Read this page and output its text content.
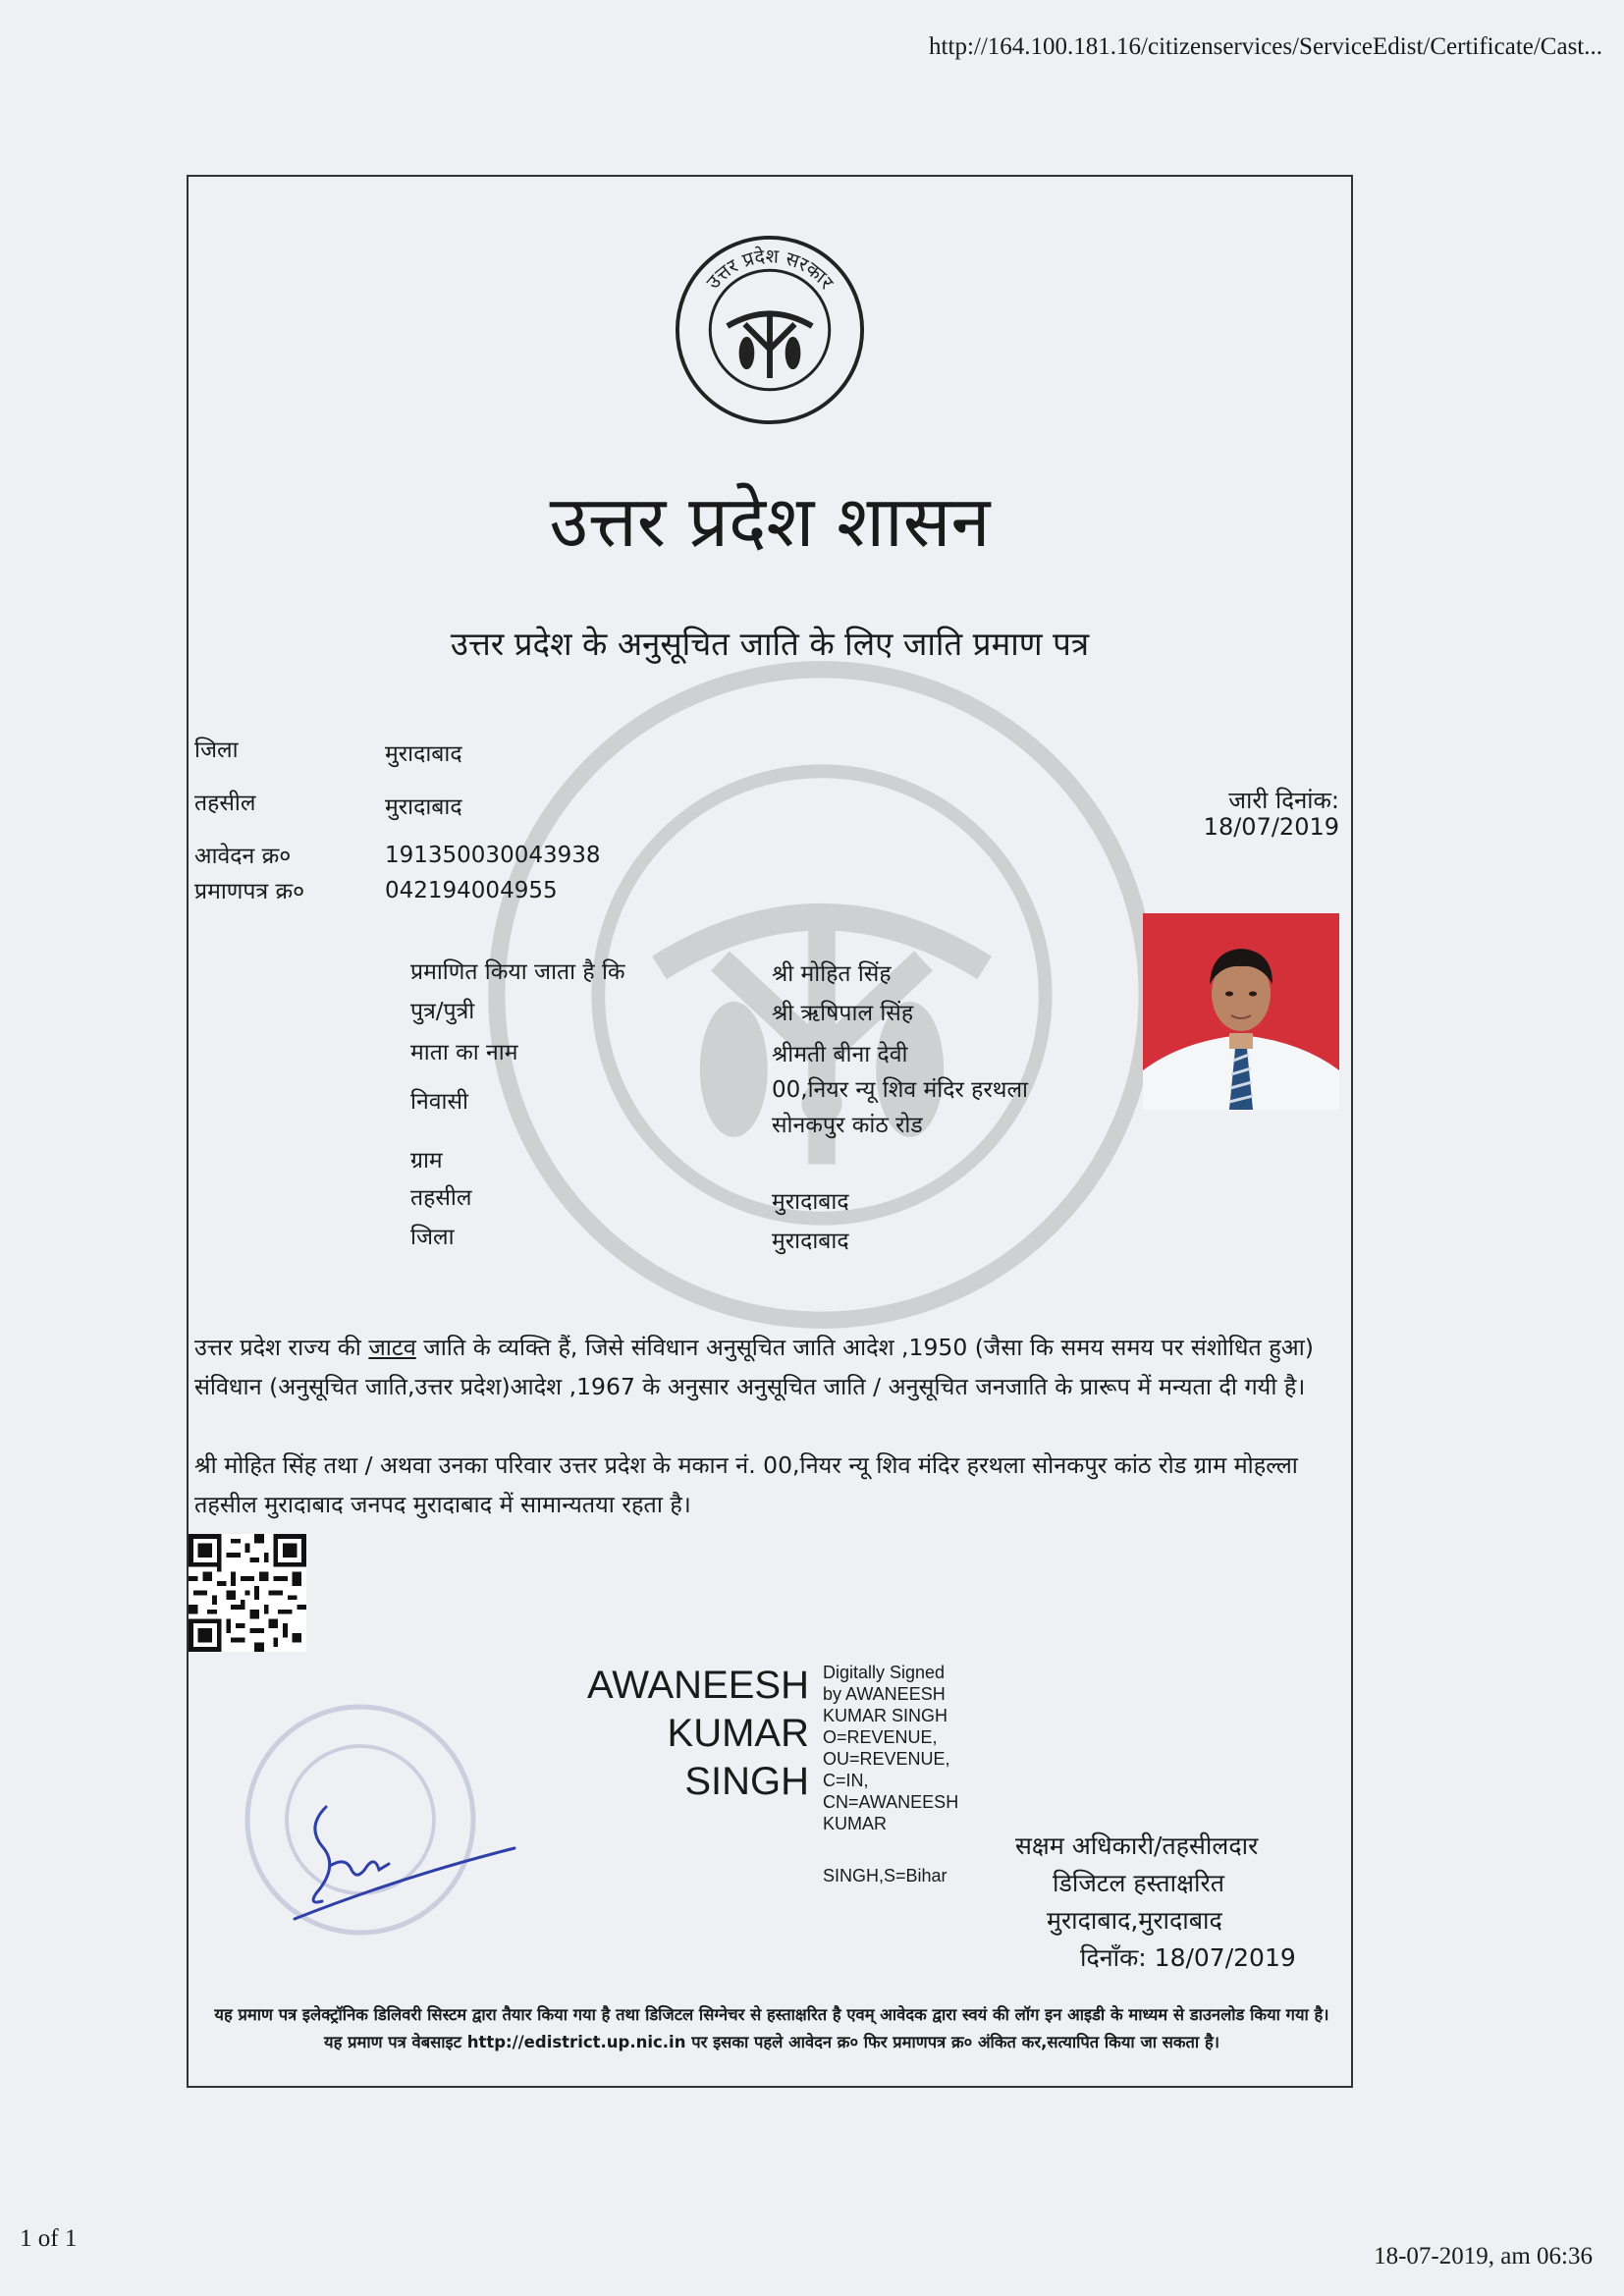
http://164.100.181.16/citizenservices/ServiceEdist/Certificate/Cast...
उत्तर प्रदेश सरकार
उत्तर प्रदेश शासन
उत्तर प्रदेश के अनुसूचित जाति के लिए जाति प्रमाण पत्र
जिला	मुरादाबाद
तहसील	मुरादाबाद
आवेदन क्र०	191350030043938
प्रमाणपत्र क्र०	042194004955
जारी दिनांक:
18/07/2019
प्रमाणित किया जाता है कि	श्री मोहित सिंह
पुत्र/पुत्री	श्री ऋषिपाल सिंह
माता का नाम	श्रीमती बीना देवी
निवासी	00,नियर न्यू शिव मंदिर हरथला
सोनकपुर कांठ रोड
ग्राम
तहसील	मुरादाबाद
जिला	मुरादाबाद
उत्तर प्रदेश राज्य की जाटव जाति के व्यक्ति हैं, जिसे संविधान अनुसूचित जाति आदेश ,1950 (जैसा कि समय समय पर संशोधित हुआ) संविधान (अनुसूचित जाति,उत्तर प्रदेश)आदेश ,1967 के अनुसार अनुसूचित जाति / अनुसूचित जनजाति के प्रारूप में मन्यता दी गयी है।
श्री मोहित सिंह तथा / अथवा उनका परिवार उत्तर प्रदेश के मकान नं. 00,नियर न्यू शिव मंदिर हरथला सोनकपुर कांठ रोड ग्राम मोहल्ला तहसील मुरादाबाद जनपद मुरादाबाद में सामान्यतया रहता है।
AWANEESH
KUMAR
SINGH
Digitally Signed
by AWANEESH
KUMAR SINGH
O=REVENUE,
OU=REVENUE,
C=IN,
CN=AWANEESH
KUMAR
SINGH,S=Bihar
सक्षम अधिकारी/तहसीलदार
डिजिटल हस्ताक्षरित
मुरादाबाद,मुरादाबाद
दिनाँक: 18/07/2019
यह प्रमाण पत्र इलेक्ट्रॉनिक डिलिवरी सिस्टम द्वारा तैयार किया गया है तथा डिजिटल सिग्नेचर से हस्ताक्षरित है एवम् आवेदक द्वारा स्वयं की लॉग इन आइडी के माध्यम से डाउनलोड किया गया है। यह प्रमाण पत्र वेबसाइट http://edistrict.up.nic.in पर इसका पहले आवेदन क्र० फिर प्रमाणपत्र क्र० अंकित कर,सत्यापित किया जा सकता है।
1 of 1
18-07-2019, am 06:36
